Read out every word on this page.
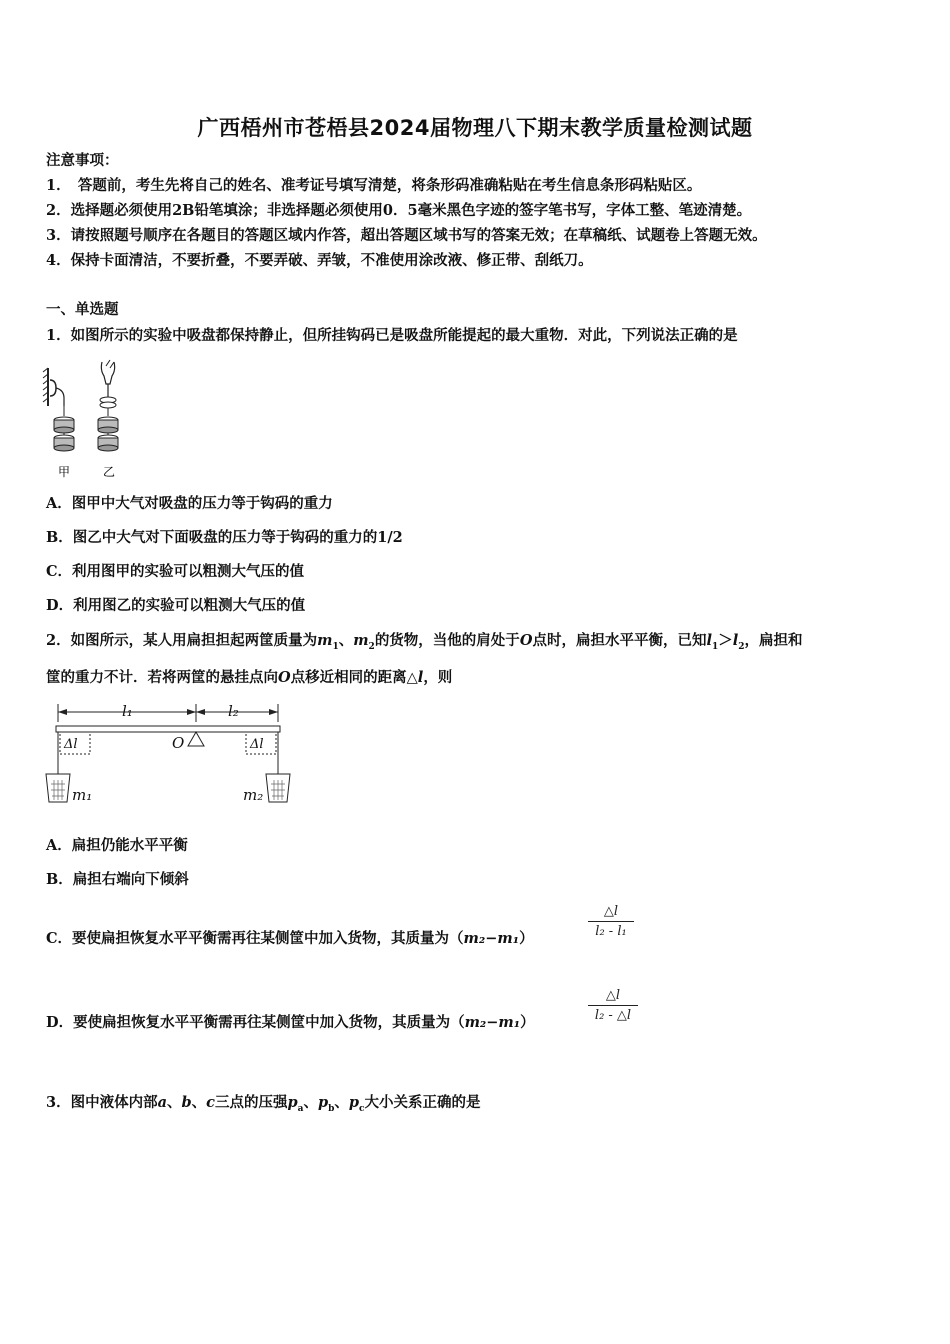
广西梧州市苍梧县2024届物理八下期末教学质量检测试题
注意事项：
1．　答题前，考生先将自己的姓名、准考证号填写清楚，将条形码准确粘贴在考生信息条形码粘贴区。
2．选择题必须使用2B铅笔填涂；非选择题必须使用0．5毫米黑色字迹的签字笔书写，字体工整、笔迹清楚。
3．请按照题号顺序在各题目的答题区域内作答，超出答题区域书写的答案无效；在草稿纸、试题卷上答题无效。
4．保持卡面清洁，不要折叠，不要弄破、弄皱，不准使用涂改液、修正带、刮纸刀。
一、单选题
1．如图所示的实验中吸盘都保持静止，但所挂钩码已是吸盘所能提起的最大重物．对此，下列说法正确的是
甲	乙
A．图甲中大气对吸盘的压力等于钩码的重力
B．图乙中大气对下面吸盘的压力等于钩码的重力的1/2
C．利用图甲的实验可以粗测大气压的值
D．利用图乙的实验可以粗测大气压的值
2．如图所示，某人用扁担担起两筐质量为$m_1$、$m_2$的货物，当他的肩处于O点时，扁担水平平衡，已知$l_1>l_2$，扁担和
筐的重力不计．若将两筐的悬挂点向O点移近相同的距离△l，则
l₁	l₂
Δl	Δl
O
m₁	m₂
A．扁担仍能水平平衡
B．扁担右端向下倾斜
C．要使扁担恢复水平平衡需再往某侧筐中加入货物，其质量为（m₂−m₁）
△l
l₂ - l₁
D．要使扁担恢复水平平衡需再往某侧筐中加入货物，其质量为（m₂−m₁）
△l
l₂ - △l
3．图中液体内部a、b、c三点的压强$p_a$、$p_b$、$p_c$大小关系正确的是
